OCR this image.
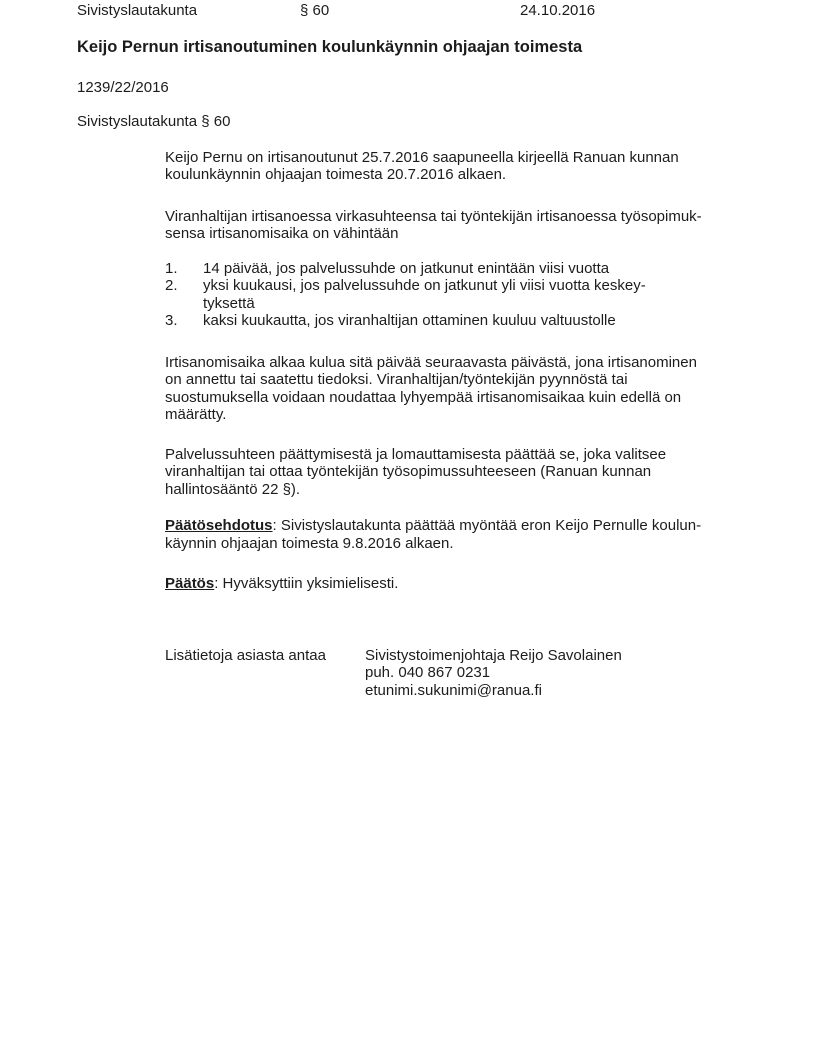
Sivistyslautakunta	§ 60	24.10.2016
Keijo Pernun irtisanoutuminen koulunkäynnin ohjaajan toimesta
1239/22/2016
Sivistyslautakunta § 60
Keijo Pernu on irtisanoutunut 25.7.2016 saapuneella kirjeellä Ranuan kunnan
koulunkäynnin ohjaajan toimesta 20.7.2016 alkaen.
Viranhaltijan irtisanoessa virkasuhteensa tai työntekijän irtisanoessa työsopimuk-
sensa irtisanomisaika on vähintään
1.	14 päivää, jos palvelussuhde on jatkunut enintään viisi vuotta
2.	yksi kuukausi, jos palvelussuhde on jatkunut yli viisi vuotta keskey-
tyksettä
3.	kaksi kuukautta, jos viranhaltijan ottaminen kuuluu valtuustolle
Irtisanomisaika alkaa kulua sitä päivää seuraavasta päivästä, jona irtisanominen
on annettu tai saatettu tiedoksi. Viranhaltijan/työntekijän pyynnöstä tai
suostumuksella voidaan noudattaa lyhyempää irtisanomisaikaa kuin edellä on
määrätty.
Palvelussuhteen päättymisestä ja lomauttamisesta päättää se, joka valitsee
viranhaltijan tai ottaa työntekijän työsopimussuhteeseen (Ranuan kunnan
hallintosääntö 22 §).
Päätösehdotus: Sivistyslautakunta päättää myöntää eron Keijo Pernulle koulun-
käynnin ohjaajan toimesta 9.8.2016 alkaen.
Päätös: Hyväksyttiin yksimielisesti.
Lisätietoja asiasta antaa	Sivistystoimenjohtaja Reijo Savolainen
puh. 040 867 0231
etunimi.sukunimi@ranua.fi
